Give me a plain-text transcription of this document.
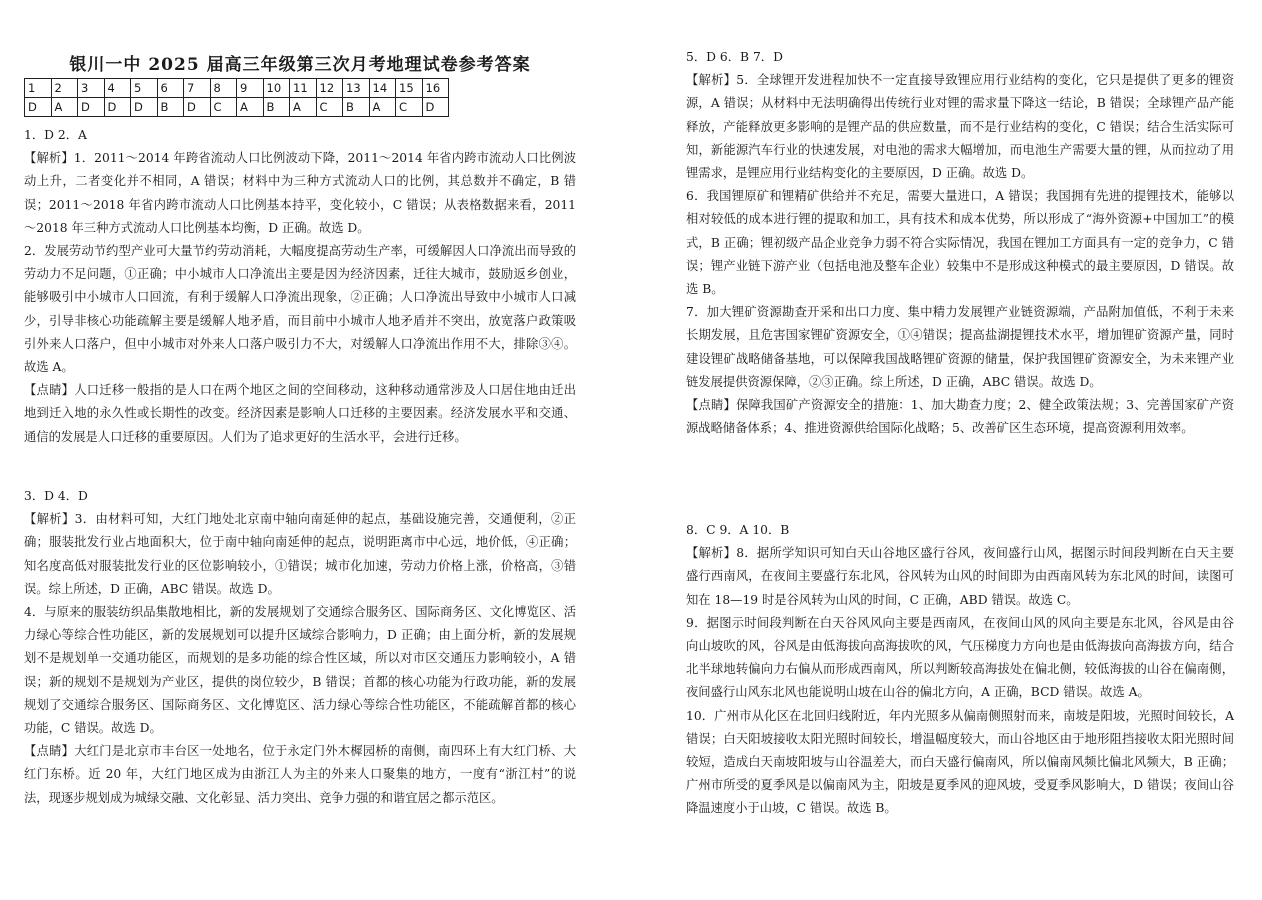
银川一中 2025 届高三年级第三次月考地理试卷参考答案
1	2	3	4	5	6	7	8	9	10	11	12	13	14	15	16
D	A	D	D	D	B	D	C	A	B	A	C	B	A	C	D

1．D 2．A

【解析】1．2011～2014 年跨省流动人口比例波动下降，2011～2014 年省内跨市流动人口比例波动上升，二者变化并不相同，A 错误；材料中为三种方式流动人口的比例，其总数并不确定，B 错误；2011～2018 年省内跨市流动人口比例基本持平，变化较小，C 错误；从表格数据来看，2011～2018 年三种方式流动人口比例基本均衡，D 正确。故选 D。

2．发展劳动节约型产业可大量节约劳动消耗，大幅度提高劳动生产率，可缓解因人口净流出而导致的劳动力不足问题，①正确；中小城市人口净流出主要是因为经济因素，迁往大城市，鼓励返乡创业，能够吸引中小城市人口回流，有利于缓解人口净流出现象，②正确；人口净流出导致中小城市人口减少，引导非核心功能疏解主要是缓解人地矛盾，而目前中小城市人地矛盾并不突出，放宽落户政策吸引外来人口落户，但中小城市对外来人口落户吸引力不大，对缓解人口净流出作用不大，排除③④。故选 A。

【点睛】人口迁移一般指的是人口在两个地区之间的空间移动，这种移动通常涉及人口居住地由迁出地到迁入地的永久性或长期性的改变。经济因素是影响人口迁移的主要因素。经济发展水平和交通、通信的发展是人口迁移的重要原因。人们为了追求更好的生活水平，会进行迁移。

3．D 4．D

【解析】3．由材料可知，大红门地处北京南中轴向南延伸的起点，基础设施完善，交通便利，②正确；服装批发行业占地面积大，位于南中轴向南延伸的起点，说明距离市中心远，地价低，④正确；知名度高低对服装批发行业的区位影响较小，①错误；城市化加速，劳动力价格上涨，价格高，③错误。综上所述，D 正确，ABC 错误。故选 D。

4．与原来的服装纺织品集散地相比，新的发展规划了交通综合服务区、国际商务区、文化博览区、活力绿心等综合性功能区，新的发展规划可以提升区域综合影响力，D 正确；由上面分析，新的发展规划不是规划单一交通功能区，而规划的是多功能的综合性区域，所以对市区交通压力影响较小，A 错误；新的规划不是规划为产业区，提供的岗位较少，B 错误；首都的核心功能为行政功能，新的发展规划了交通综合服务区、国际商务区、文化博览区、活力绿心等综合性功能区，不能疏解首都的核心功能，C 错误。故选 D。

【点睛】大红门是北京市丰台区一处地名，位于永定门外木樨园桥的南侧，南四环上有大红门桥、大红门东桥。近 20 年，大红门地区成为由浙江人为主的外来人口聚集的地方，一度有“浙江村”的说法，现逐步规划成为城绿交融、文化彰显、活力突出、竞争力强的和谐宜居之都示范区。

5．D 6．B 7．D

【解析】5．全球锂开发进程加快不一定直接导致锂应用行业结构的变化，它只是提供了更多的锂资源，A 错误；从材料中无法明确得出传统行业对锂的需求量下降这一结论，B 错误；全球锂产品产能释放，产能释放更多影响的是锂产品的供应数量，而不是行业结构的变化，C 错误；结合生活实际可知，新能源汽车行业的快速发展，对电池的需求大幅增加，而电池生产需要大量的锂，从而拉动了用锂需求，是锂应用行业结构变化的主要原因，D 正确。故选 D。

6．我国锂原矿和锂精矿供给并不充足，需要大量进口，A 错误；我国拥有先进的提锂技术，能够以相对较低的成本进行锂的提取和加工，具有技术和成本优势，所以形成了“海外资源+中国加工”的模式，B 正确；锂初级产品企业竞争力弱不符合实际情况，我国在锂加工方面具有一定的竞争力，C 错误；锂产业链下游产业（包括电池及整车企业）较集中不是形成这种模式的最主要原因，D 错误。故选 B。

7．加大锂矿资源勘查开采和出口力度、集中精力发展锂产业链资源端，产品附加值低，不利于未来长期发展，且危害国家锂矿资源安全，①④错误；提高盐湖提锂技术水平，增加锂矿资源产量，同时建设锂矿战略储备基地，可以保障我国战略锂矿资源的储量，保护我国锂矿资源安全，为未来锂产业链发展提供资源保障，②③正确。综上所述，D 正确，ABC 错误。故选 D。

【点睛】保障我国矿产资源安全的措施：1、加大勘查力度；2、健全政策法规；3、完善国家矿产资源战略储备体系；4、推进资源供给国际化战略；5、改善矿区生态环境，提高资源利用效率。

8．C 9．A 10．B

【解析】8．据所学知识可知白天山谷地区盛行谷风，夜间盛行山风，据图示时间段判断在白天主要盛行西南风，在夜间主要盛行东北风，谷风转为山风的时间即为由西南风转为东北风的时间，读图可知在 18—19 时是谷风转为山风的时间，C 正确，ABD 错误。故选 C。

9．据图示时间段判断在白天谷风风向主要是西南风，在夜间山风的风向主要是东北风，谷风是由谷向山坡吹的风，谷风是由低海拔向高海拔吹的风，气压梯度力方向也是由低海拔向高海拔方向，结合北半球地转偏向力右偏从而形成西南风，所以判断较高海拔处在偏北侧，较低海拔的山谷在偏南侧，夜间盛行山风东北风也能说明山坡在山谷的偏北方向，A 正确，BCD 错误。故选 A。

10．广州市从化区在北回归线附近，年内光照多从偏南侧照射而来，南坡是阳坡，光照时间较长，A 错误；白天阳坡接收太阳光照时间较长，增温幅度较大，而山谷地区由于地形阻挡接收太阳光照时间较短，造成白天南坡阳坡与山谷温差大，而白天盛行偏南风，所以偏南风频比偏北风频大，B 正确；广州市所受的夏季风是以偏南风为主，阳坡是夏季风的迎风坡，受夏季风影响大，D 错误；夜间山谷降温速度小于山坡，C 错误。故选 B。
